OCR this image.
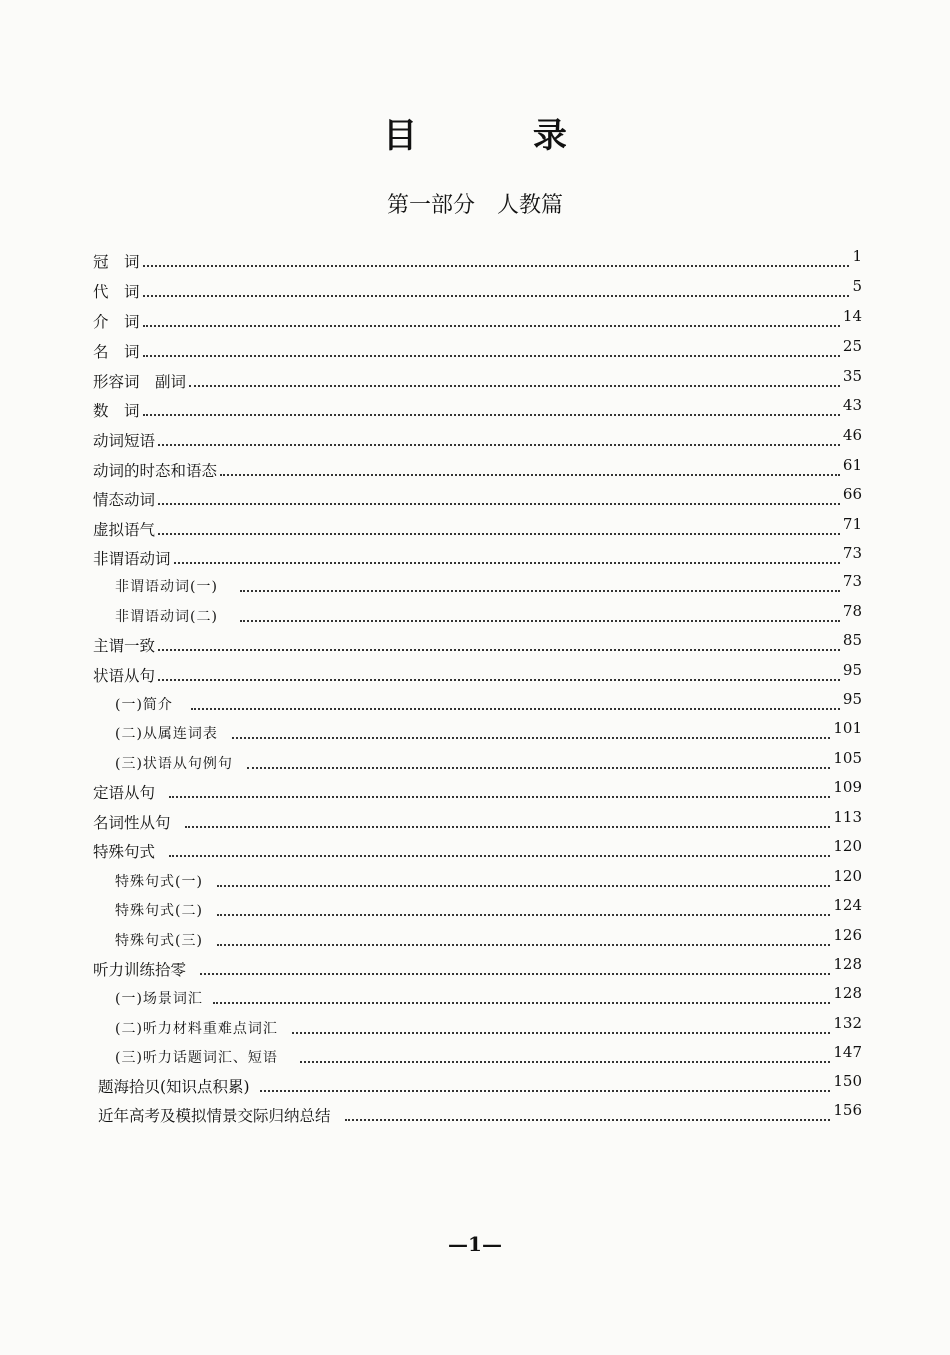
目 录
第一部分 人教篇
冠　词	1
代　词	5
介　词	14
名　词	25
形容词　副词	35
数　词	43
动词短语	46
动词的时态和语态	61
情态动词	66
虚拟语气	71
非谓语动词	73
非谓语动词(一)	73
非谓语动词(二)	78
主谓一致	85
状语从句	95
(一)简介	95
(二)从属连词表	101
(三)状语从句例句	105
定语从句	109
名词性从句	113
特殊句式	120
特殊句式(一)	120
特殊句式(二)	124
特殊句式(三)	126
听力训练拾零	128
(一)场景词汇	128
(二)听力材料重难点词汇	132
(三)听力话题词汇、短语	147
题海拾贝(知识点积累)	150
近年高考及模拟情景交际归纳总结	156
—1—
